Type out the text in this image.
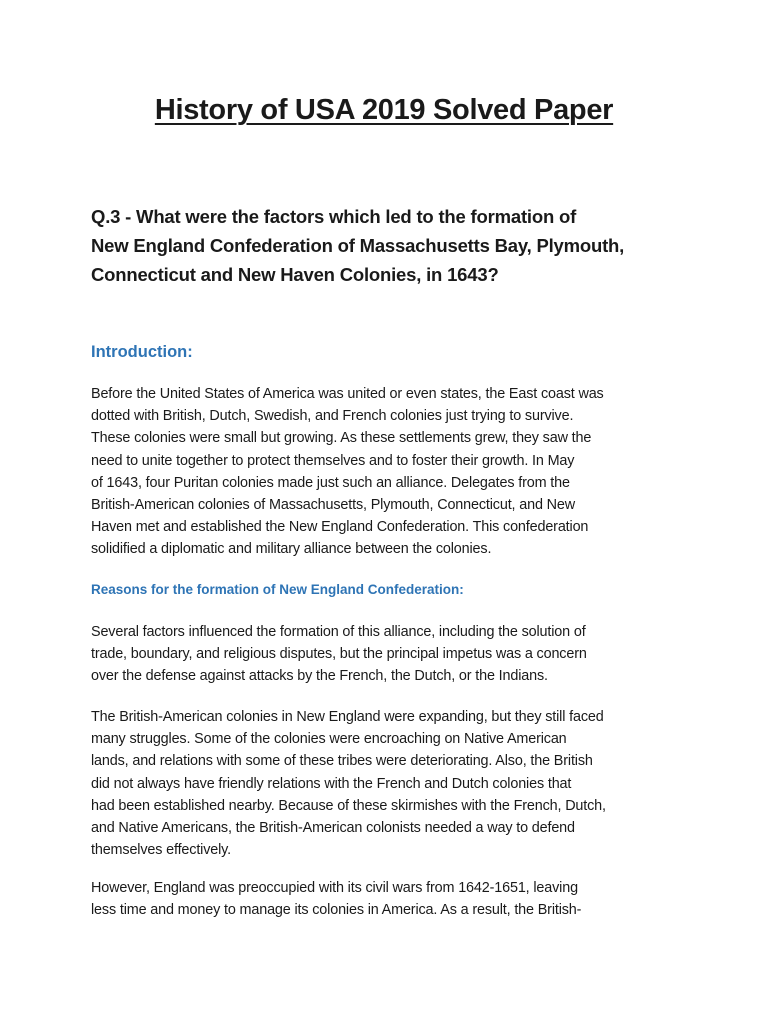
History of USA 2019 Solved Paper
Q.3 - What were the factors which led to the formation of
New England Confederation of Massachusetts Bay, Plymouth,
Connecticut and New Haven Colonies, in 1643?
Introduction:

Before the United States of America was united or even states, the East coast was
dotted with British, Dutch, Swedish, and French colonies just trying to survive.
These colonies were small but growing. As these settlements grew, they saw the
need to unite together to protect themselves and to foster their growth. In May
of 1643, four Puritan colonies made just such an alliance. Delegates from the
British-American colonies of Massachusetts, Plymouth, Connecticut, and New
Haven met and established the New England Confederation. This confederation
solidified a diplomatic and military alliance between the colonies.

Reasons for the formation of New England Confederation:

Several factors influenced the formation of this alliance, including the solution of
trade, boundary, and religious disputes, but the principal impetus was a concern
over the defense against attacks by the French, the Dutch, or the Indians.

The British-American colonies in New England were expanding, but they still faced
many struggles. Some of the colonies were encroaching on Native American
lands, and relations with some of these tribes were deteriorating. Also, the British
did not always have friendly relations with the French and Dutch colonies that
had been established nearby. Because of these skirmishes with the French, Dutch,
and Native Americans, the British-American colonists needed a way to defend
themselves effectively.

However, England was preoccupied with its civil wars from 1642-1651, leaving
less time and money to manage its colonies in America. As a result, the British-
